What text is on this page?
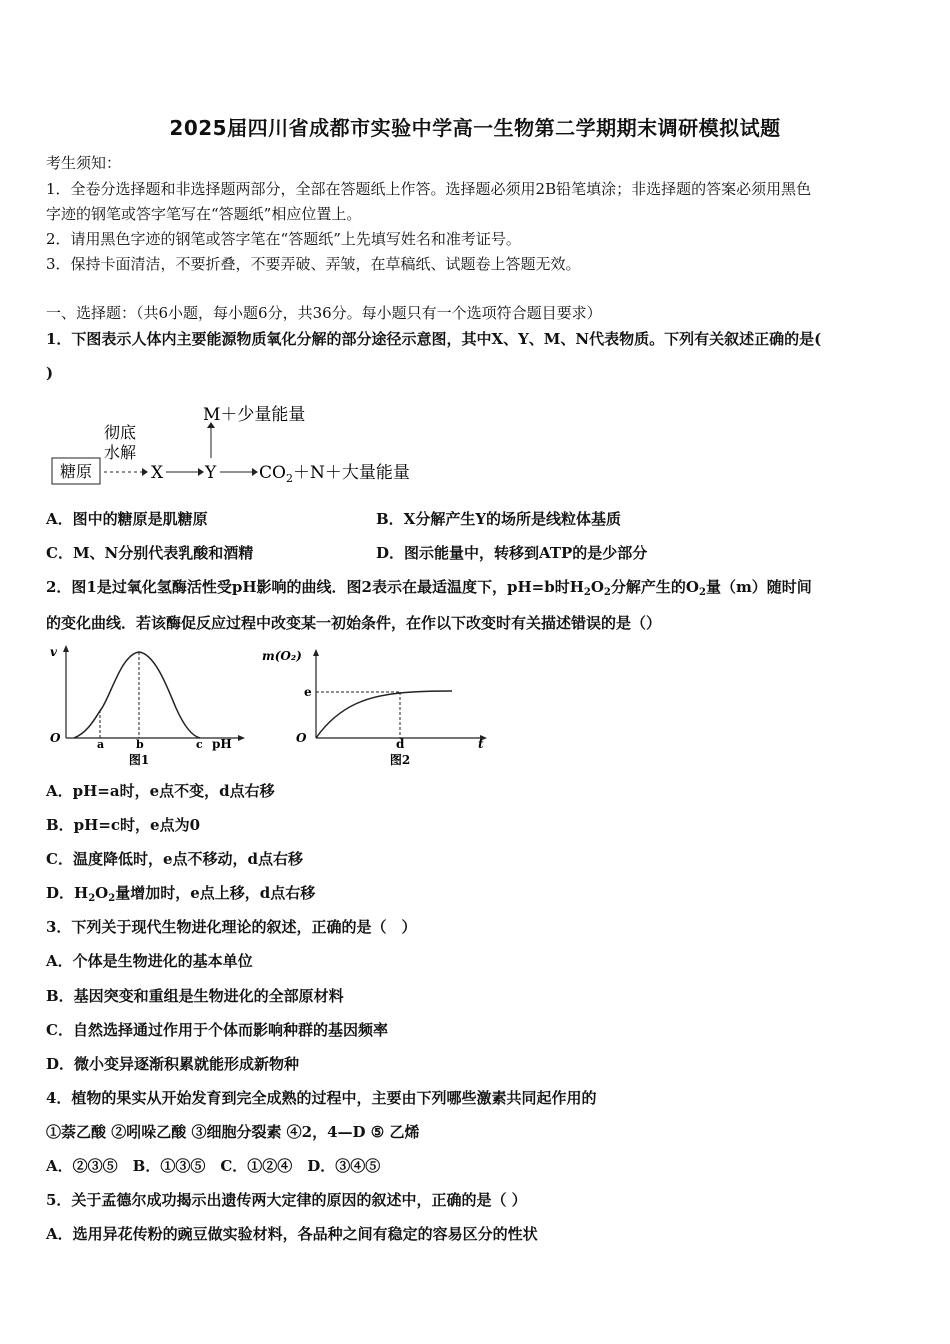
2025届四川省成都市实验中学高一生物第二学期期末调研模拟试题
考生须知：
1．全卷分选择题和非选择题两部分，全部在答题纸上作答。选择题必须用2B铅笔填涂；非选择题的答案必须用黑色
字迹的钢笔或答字笔写在“答题纸”相应位置上。
2．请用黑色字迹的钢笔或答字笔在“答题纸”上先填写姓名和准考证号。
3．保持卡面清洁，不要折叠，不要弄破、弄皱，在草稿纸、试题卷上答题无效。
一、选择题：（共6小题，每小题6分，共36分。每小题只有一个选项符合题目要求）
1．下图表示人体内主要能源物质氧化分解的部分途径示意图，其中X、Y、M、N代表物质。下列有关叙述正确的是(
)
糖原
彻底
水解
X Y
M＋少量能量
$CO_2+N+$大量能量
A．图中的糖原是肌糖原	B．X分解产生Y的场所是线粒体基质
C．M、N分别代表乳酸和酒精	D．图示能量中，转移到ATP的是少部分
2．图1是过氧化氢酶活性受pH影响的曲线．图2表示在最适温度下，pH=b时$H_2O_2$分解产生的$O_2$量（m）随时间
的变化曲线．若该酶促反应过程中改变某一初始条件，在作以下改变时有关描述错误的是（）
v
O	a	b	c pH
图1
m(O₂)
O
e
d	t
图2
A．pH=a时，e点不变，d点右移
B．pH=c时，e点为0
C．温度降低时，e点不移动，d点右移
D．$H_2O_2$量增加时，e点上移，d点右移
3．下列关于现代生物进化理论的叙述，正确的是（　）
A．个体是生物进化的基本单位
B．基因突变和重组是生物进化的全部原材料
C．自然选择通过作用于个体而影响种群的基因频率
D．微小变异逐渐积累就能形成新物种
4．植物的果实从开始发育到完全成熟的过程中，主要由下列哪些激素共同起作用的
①萘乙酸 ②吲哚乙酸 ③细胞分裂素 ④2，4—D ⑤ 乙烯
A．②③⑤　B．①③⑤　C．①②④　D．③④⑤
5．关于孟德尔成功揭示出遗传两大定律的原因的叙述中，正确的是（ ）
A．选用异花传粉的豌豆做实验材料，各品种之间有稳定的容易区分的性状
